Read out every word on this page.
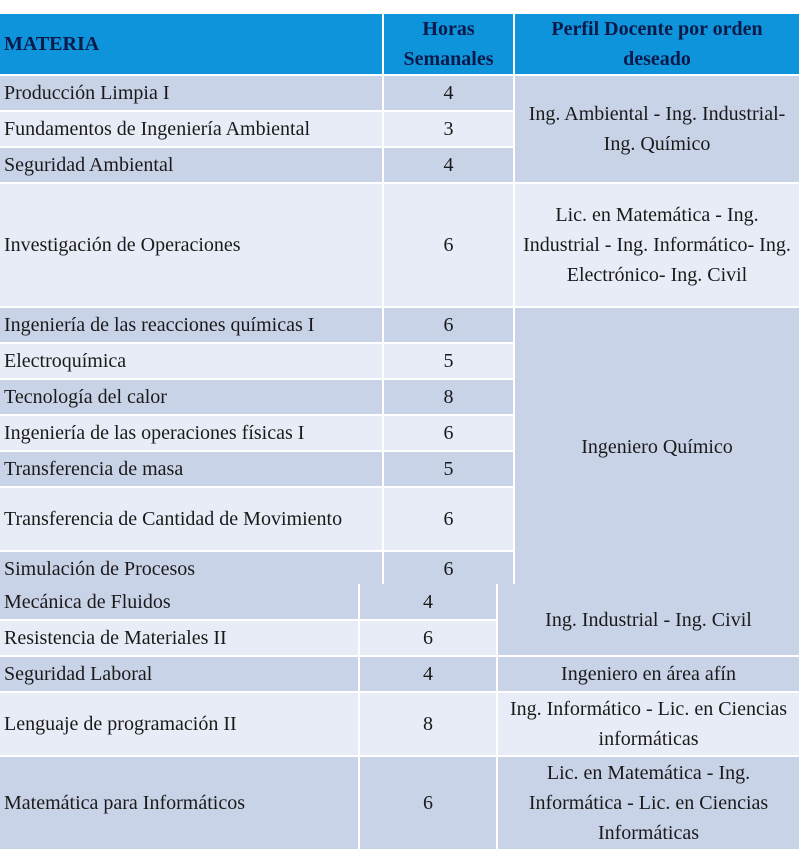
MATERIA	Horas Semanales	Perfil Docente por orden deseado
Producción Limpia I	4	Ing. Ambiental - Ing. Industrial- Ing. Químico
Fundamentos de Ingeniería Ambiental	3	
Seguridad Ambiental	4	
Investigación de Operaciones	6	Lic. en Matemática - Ing. Industrial - Ing. Informático- Ing. Electrónico- Ing. Civil
Ingeniería de las reacciones químicas I	6	Ingeniero Químico
Electroquímica	5	
Tecnología del calor	8	
Ingeniería de las operaciones físicas I	6	
Transferencia de masa	5	
Transferencia de Cantidad de Movimiento	6	
Simulación de Procesos	6	
Mecánica de Fluidos	4	Ing. Industrial - Ing. Civil
Resistencia de Materiales II	6	
Seguridad Laboral	4	Ingeniero en área afín
Lenguaje de programación II	8	Ing. Informático - Lic. en Ciencias informáticas
Matemática para Informáticos	6	Lic. en Matemática - Ing. Informática - Lic. en Ciencias Informáticas
